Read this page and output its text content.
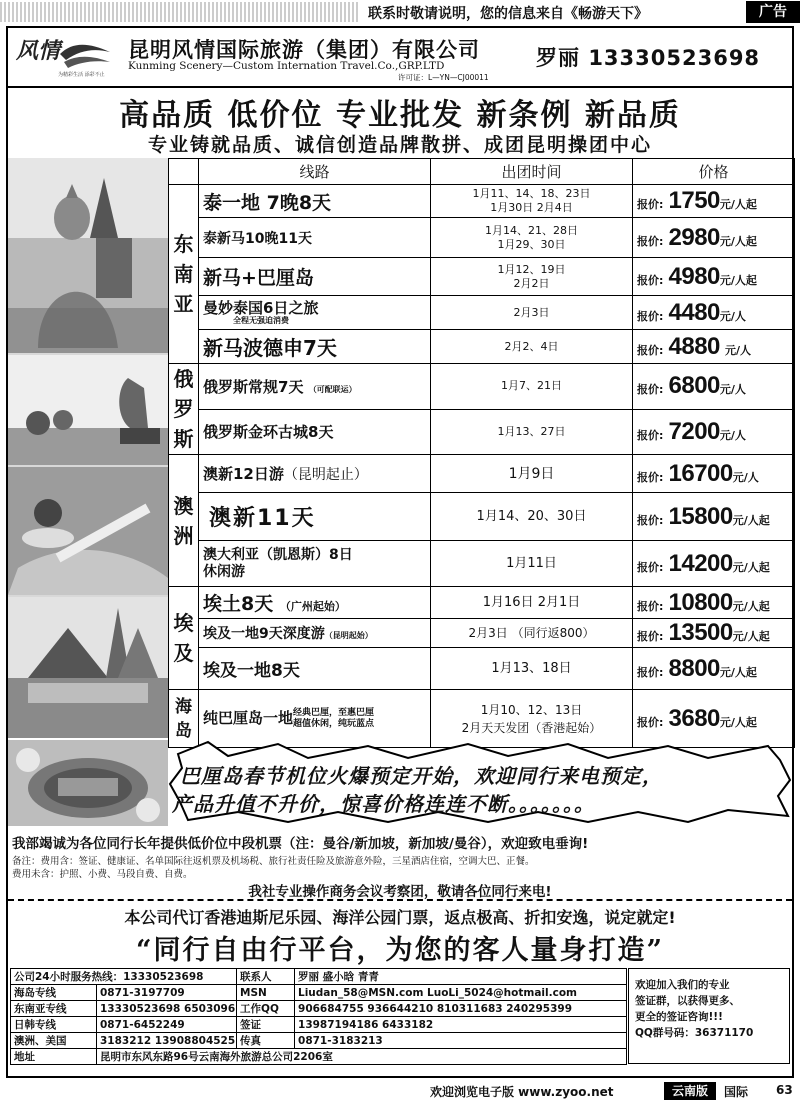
联系时敬请说明，您的信息来自《畅游天下》	广告
风情
为精彩生活 添彩不止
昆明风情国际旅游（集团）有限公司
Kunming Scenery—Custom Internation Travel.Co.,GRP.LTD
许可证：L—YN—CJ00011
罗丽 13330523698
高品质 低价位 专业批发 新条例 新品质
专业铸就品质、诚信创造品牌散拼、成团昆明操团中心
	线路	出团时间	价格

东南亚	泰一地 7晚8天	1月11、14、18、23日
1月30日 2月4日	报价: 1750元/人起
	泰新马10晚11天	1月14、21、28日
1月29、30日	报价: 2980元/人起
	新马+巴厘岛	1月12、19日
2月2日	报价: 4980元/人起
	曼妙泰国6日之旅
全程无强迫消费	2月3日	报价: 4480元/人
	新马波德申7天	2月2、4日	报价: 4880 元/人

俄罗斯	俄罗斯常规7天 （可配联运）	1月7、21日	报价: 6800元/人
	俄罗斯金环古城8天	1月13、27日	报价: 7200元/人

澳洲	澳新12日游（昆明起止）	1月9日	报价: 16700元/人
	澳新11天	1月14、20、30日	报价: 15800元/人起
	澳大利亚（凯恩斯）8日
休闲游	1月11日	报价: 14200元/人起

埃及	埃土8天 （广州起始）	1月16日 2月1日	报价: 10800元/人起
	埃及一地9天深度游（昆明起始）	2月3日 （同行返800）	报价: 13500元/人起
	埃及一地8天	1月13、18日	报价: 8800元/人起

海岛	纯巴厘岛一地经典巴厘，至惠巴厘
超值休闲，纯玩蓝点	1月10、12、13日
2月天天发团（香港起始）	报价: 3680元/人起
巴厘岛春节机位火爆预定开始，欢迎同行来电预定，
产品升值不升价，惊喜价格连连不断。。。。。。。
我部竭诚为各位同行长年提供低价位中段机票（注：曼谷/新加坡，新加坡/曼谷），欢迎致电垂询!
备注：费用含：签证、健康证、名单国际往返机票及机场税、旅行社责任险及旅游意外险，三星酒店住宿，空调大巴、正餐。
费用未含：护照、小费、马段自费、自费。
我社专业操作商务会议考察团，敬请各位同行来电!
本公司代订香港迪斯尼乐园、海洋公园门票，返点极高、折扣安逸，说定就定!
“同行自由行平台，为您的客人量身打造”
公司24小时服务热线：13330523698		联系人	罗丽 盛小晗 青青
海岛专线	0871-3197709	MSN	Liudan_58@MSN.com LuoLi_5024@hotmail.com
东南亚专线	13330523698 6503096	工作QQ	906684755 936644210 810311683 240295399
日韩专线	0871-6452249	签证	13987194186 6433182
澳洲、美国	3183212 13908804525	传真	0871-3183213
地址	昆明市东风东路96号云南海外旅游总公司2206室		
欢迎加入我们的专业
签证群，以获得更多、
更全的签证咨询!!!
QQ群号码：36371170
欢迎浏览电子版 www.zyoo.net	云南版	国际 63
